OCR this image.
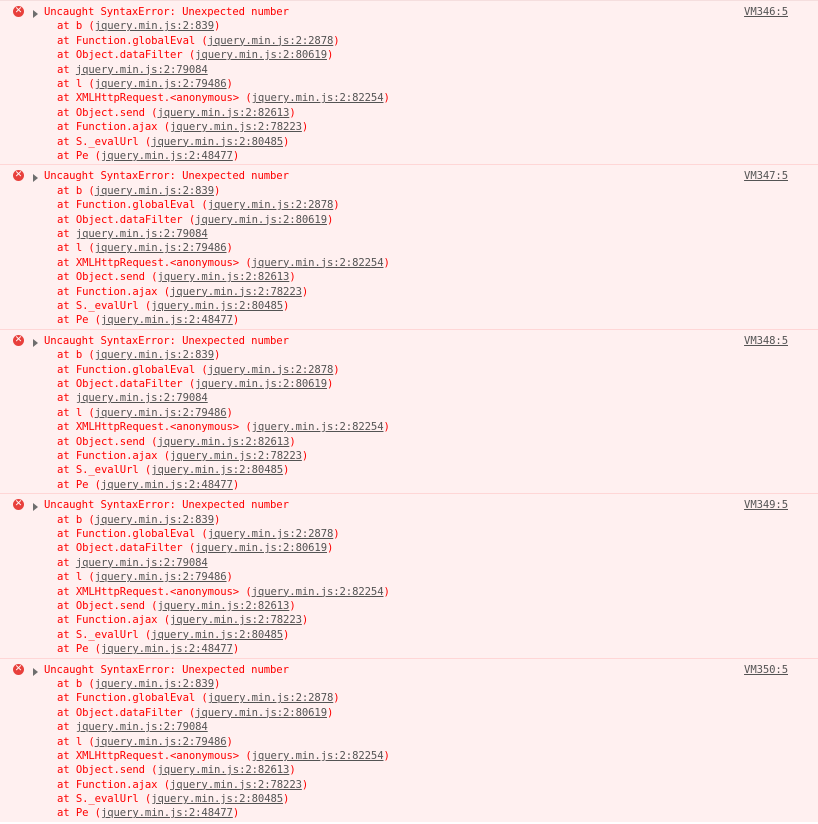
✕ Uncaught SyntaxError: Unexpected number	VM346:5
at b (jquery.min.js:2:839)
at Function.globalEval (jquery.min.js:2:2878)
at Object.dataFilter (jquery.min.js:2:80619)
at jquery.min.js:2:79084
at l (jquery.min.js:2:79486)
at XMLHttpRequest.<anonymous> (jquery.min.js:2:82254)
at Object.send (jquery.min.js:2:82613)
at Function.ajax (jquery.min.js:2:78223)
at S._evalUrl (jquery.min.js:2:80485)
at Pe (jquery.min.js:2:48477)
✕ Uncaught SyntaxError: Unexpected number	VM347:5
at b (jquery.min.js:2:839)
at Function.globalEval (jquery.min.js:2:2878)
at Object.dataFilter (jquery.min.js:2:80619)
at jquery.min.js:2:79084
at l (jquery.min.js:2:79486)
at XMLHttpRequest.<anonymous> (jquery.min.js:2:82254)
at Object.send (jquery.min.js:2:82613)
at Function.ajax (jquery.min.js:2:78223)
at S._evalUrl (jquery.min.js:2:80485)
at Pe (jquery.min.js:2:48477)
✕ Uncaught SyntaxError: Unexpected number	VM348:5
at b (jquery.min.js:2:839)
at Function.globalEval (jquery.min.js:2:2878)
at Object.dataFilter (jquery.min.js:2:80619)
at jquery.min.js:2:79084
at l (jquery.min.js:2:79486)
at XMLHttpRequest.<anonymous> (jquery.min.js:2:82254)
at Object.send (jquery.min.js:2:82613)
at Function.ajax (jquery.min.js:2:78223)
at S._evalUrl (jquery.min.js:2:80485)
at Pe (jquery.min.js:2:48477)
✕ Uncaught SyntaxError: Unexpected number	VM349:5
at b (jquery.min.js:2:839)
at Function.globalEval (jquery.min.js:2:2878)
at Object.dataFilter (jquery.min.js:2:80619)
at jquery.min.js:2:79084
at l (jquery.min.js:2:79486)
at XMLHttpRequest.<anonymous> (jquery.min.js:2:82254)
at Object.send (jquery.min.js:2:82613)
at Function.ajax (jquery.min.js:2:78223)
at S._evalUrl (jquery.min.js:2:80485)
at Pe (jquery.min.js:2:48477)
✕ Uncaught SyntaxError: Unexpected number	VM350:5
at b (jquery.min.js:2:839)
at Function.globalEval (jquery.min.js:2:2878)
at Object.dataFilter (jquery.min.js:2:80619)
at jquery.min.js:2:79084
at l (jquery.min.js:2:79486)
at XMLHttpRequest.<anonymous> (jquery.min.js:2:82254)
at Object.send (jquery.min.js:2:82613)
at Function.ajax (jquery.min.js:2:78223)
at S._evalUrl (jquery.min.js:2:80485)
at Pe (jquery.min.js:2:48477)
